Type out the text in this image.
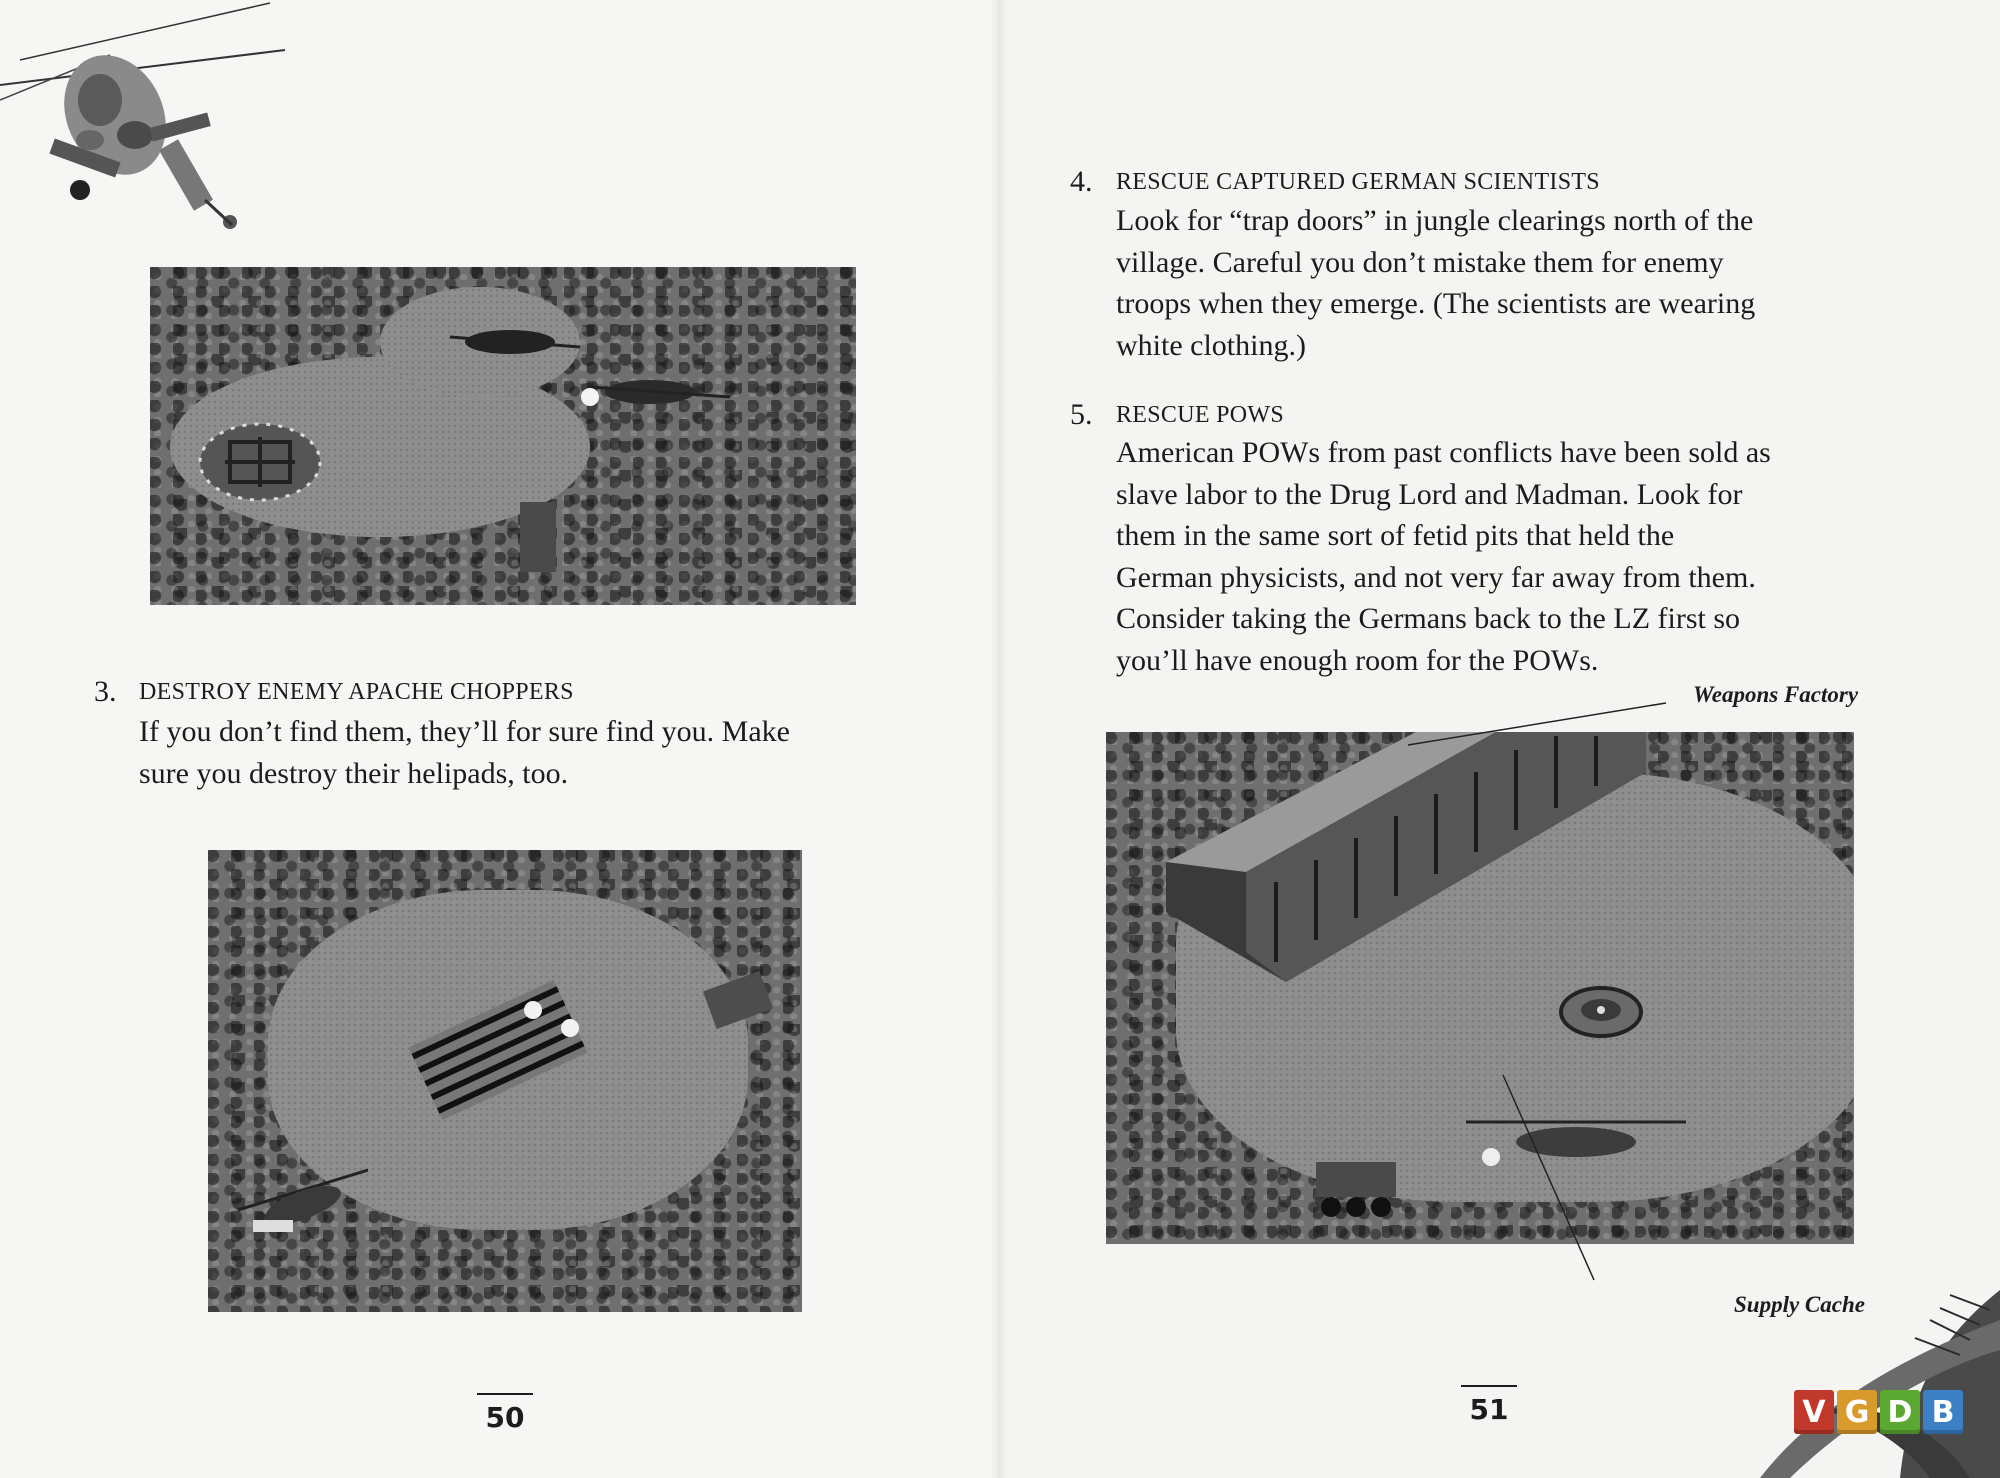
3. DESTROY ENEMY APACHE CHOPPERS
If you don’t find them, they’ll for sure find you. Make
sure you destroy their helipads, too.
50
4. RESCUE CAPTURED GERMAN SCIENTISTS
Look for “trap doors” in jungle clearings north of the
village. Careful you don’t mistake them for enemy
troops when they emerge. (The scientists are wearing
white clothing.)
5. RESCUE POWS
American POWs from past conflicts have been sold as
slave labor to the Drug Lord and Madman. Look for
them in the same sort of fetid pits that held the
German physicists, and not very far away from them.
Consider taking the Germans back to the LZ first so
you’ll have enough room for the POWs.
Weapons Factory
Supply Cache
51	V G D B
